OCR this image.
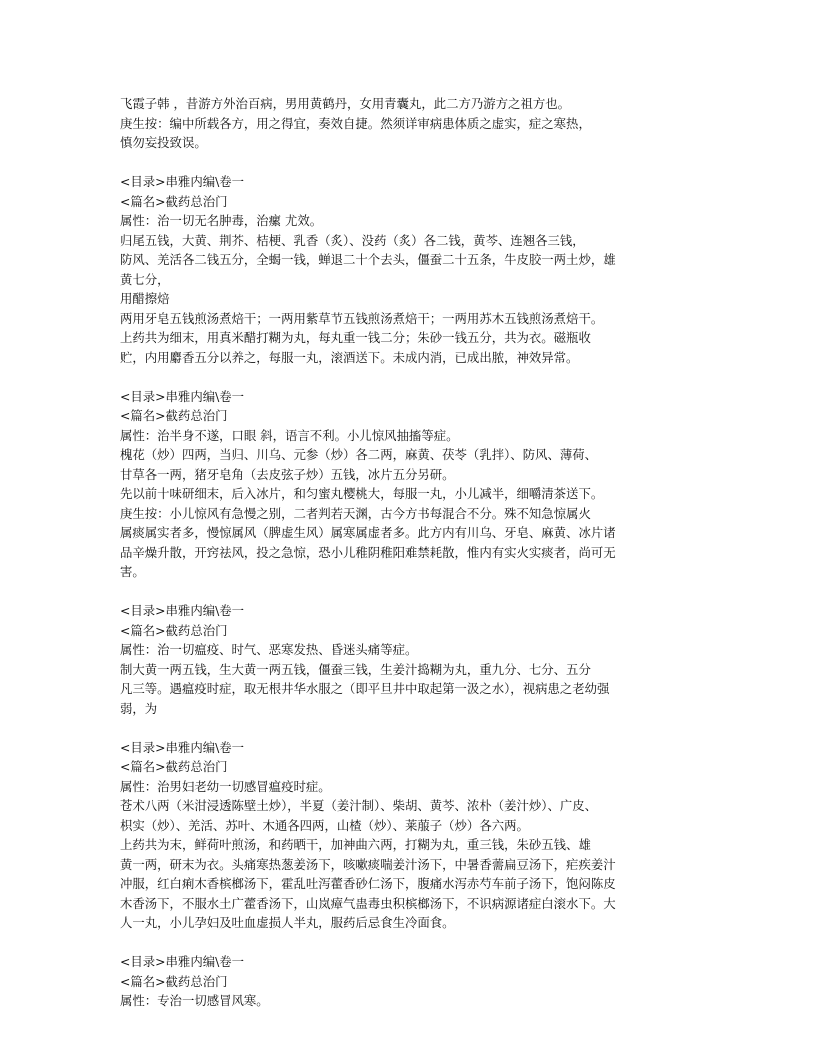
飞霞子韩 ，昔游方外治百病，男用黄鹤丹，女用青囊丸，此二方乃游方之祖方也。
庚生按：编中所载各方，用之得宜，奏效自捷。然须详审病患体质之虚实，症之寒热，
慎勿妄投致误。
<目录>串雅内编\卷一
<篇名>截药总治门
属性：治一切无名肿毒，治瘰 尤效。
归尾五钱，大黄、荆芥、桔梗、乳香（炙）、没药（炙）各二钱，黄芩、连翘各三钱，
防风、羌活各二钱五分，全蝎一钱，蝉退二十个去头，僵蚕二十五条，牛皮胶一两土炒，雄
黄七分，
用醋擦焙
两用牙皂五钱煎汤煮焙干；一两用紫草节五钱煎汤煮焙干；一两用苏木五钱煎汤煮焙干。
上药共为细末，用真米醋打糊为丸，每丸重一钱二分；朱砂一钱五分，共为衣。磁瓶收
贮，内用麝香五分以养之，每服一丸，滚酒送下。未成内消，已成出脓，神效异常。
<目录>串雅内编\卷一
<篇名>截药总治门
属性：治半身不遂，口眼 斜，语言不利。小儿惊风抽搐等症。
槐花（炒）四两，当归、川乌、元参（炒）各二两，麻黄、茯苓（乳拌）、防风、薄荷、
甘草各一两，猪牙皂角（去皮弦子炒）五钱，冰片五分另研。
先以前十味研细末，后入冰片，和匀蜜丸樱桃大，每服一丸，小儿减半，细嚼清茶送下。
庚生按：小儿惊风有急慢之别，二者判若天渊，古今方书每混合不分。殊不知急惊属火
属痰属实者多，慢惊属风（脾虚生风）属寒属虚者多。此方内有川乌、牙皂、麻黄、冰片诸
品辛燥升散，开窍祛风，投之急惊，恐小儿稚阴稚阳难禁耗散，惟内有实火实痰者，尚可无
害。
<目录>串雅内编\卷一
<篇名>截药总治门
属性：治一切瘟疫、时气、恶寒发热、昏迷头痛等症。
制大黄一两五钱，生大黄一两五钱，僵蚕三钱，生姜汁捣糊为丸，重九分、七分、五分
凡三等。遇瘟疫时症，取无根井华水服之（即平旦井中取起第一汲之水），视病患之老幼强
弱，为
<目录>串雅内编\卷一
<篇名>截药总治门
属性：治男妇老幼一切感冒瘟疫时症。
苍术八两（米泔浸透陈壁土炒），半夏（姜汁制）、柴胡、黄芩、浓朴（姜汁炒）、广皮、
枳实（炒）、羌活、苏叶、木通各四两，山楂（炒）、莱菔子（炒）各六两。
上药共为末，鲜荷叶煎汤，和药晒干，加神曲六两，打糊为丸，重三钱，朱砂五钱、雄
黄一两，研末为衣。头痛寒热葱姜汤下，咳嗽痰喘姜汁汤下，中暑香薷扁豆汤下，疟疾姜汁
冲服，红白痢木香槟榔汤下，霍乱吐泻藿香砂仁汤下，腹痛水泻赤芍车前子汤下，饱闷陈皮
木香汤下，不服水土广藿香汤下，山岚瘴气蛊毒虫积槟榔汤下，不识病源诸症白滚水下。大
人一丸，小儿孕妇及吐血虚损人半丸，服药后忌食生冷面食。
<目录>串雅内编\卷一
<篇名>截药总治门
属性：专治一切感冒风寒。
